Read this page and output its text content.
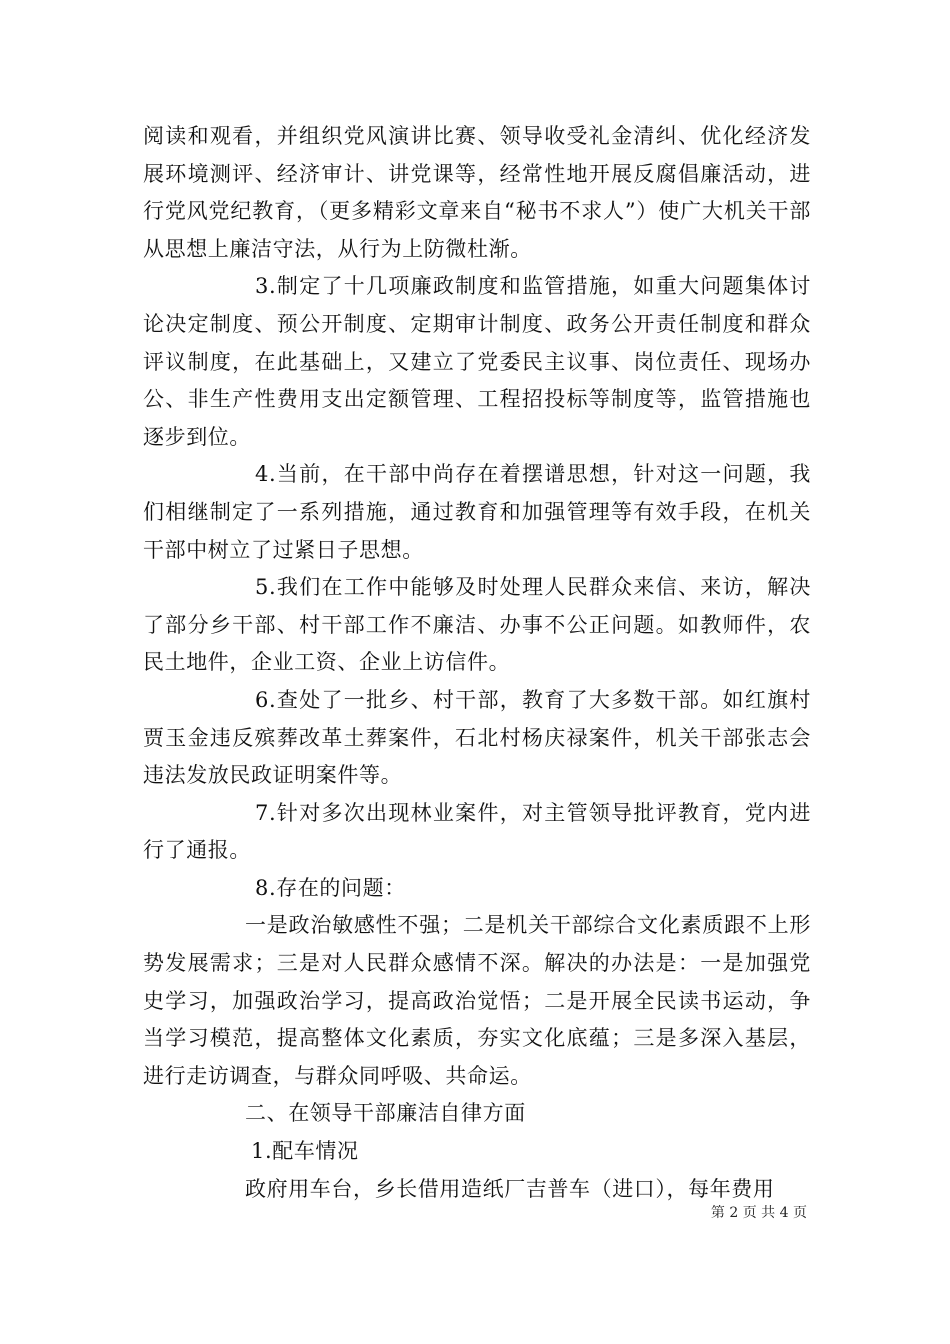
阅读和观看，并组织党风演讲比赛、领导收受礼金清纠、优化经济发展环境测评、经济审计、讲党课等，经常性地开展反腐倡廉活动，进行党风党纪教育，（更多精彩文章来自“秘书不求人”）使广大机关干部从思想上廉洁守法，从行为上防微杜渐。

3.制定了十几项廉政制度和监管措施，如重大问题集体讨论决定制度、预公开制度、定期审计制度、政务公开责任制度和群众评议制度，在此基础上，又建立了党委民主议事、岗位责任、现场办公、非生产性费用支出定额管理、工程招投标等制度等，监管措施也逐步到位。

4.当前，在干部中尚存在着摆谱思想，针对这一问题，我们相继制定了一系列措施，通过教育和加强管理等有效手段，在机关干部中树立了过紧日子思想。

5.我们在工作中能够及时处理人民群众来信、来访，解决了部分乡干部、村干部工作不廉洁、办事不公正问题。如教师件，农民土地件，企业工资、企业上访信件。

6.查处了一批乡、村干部，教育了大多数干部。如红旗村贾玉金违反殡葬改革土葬案件，石北村杨庆禄案件，机关干部张志会违法发放民政证明案件等。

7.针对多次出现林业案件，对主管领导批评教育，党内进行了通报。

8.存在的问题：

一是政治敏感性不强；二是机关干部综合文化素质跟不上形势发展需求；三是对人民群众感情不深。解决的办法是：一是加强党史学习，加强政治学习，提高政治觉悟；二是开展全民读书运动，争当学习模范，提高整体文化素质，夯实文化底蕴；三是多深入基层，进行走访调查，与群众同呼吸、共命运。

二、在领导干部廉洁自律方面

1.配车情况

政府用车台，乡长借用造纸厂吉普车（进口），每年费用

第 2 页 共 4 页
